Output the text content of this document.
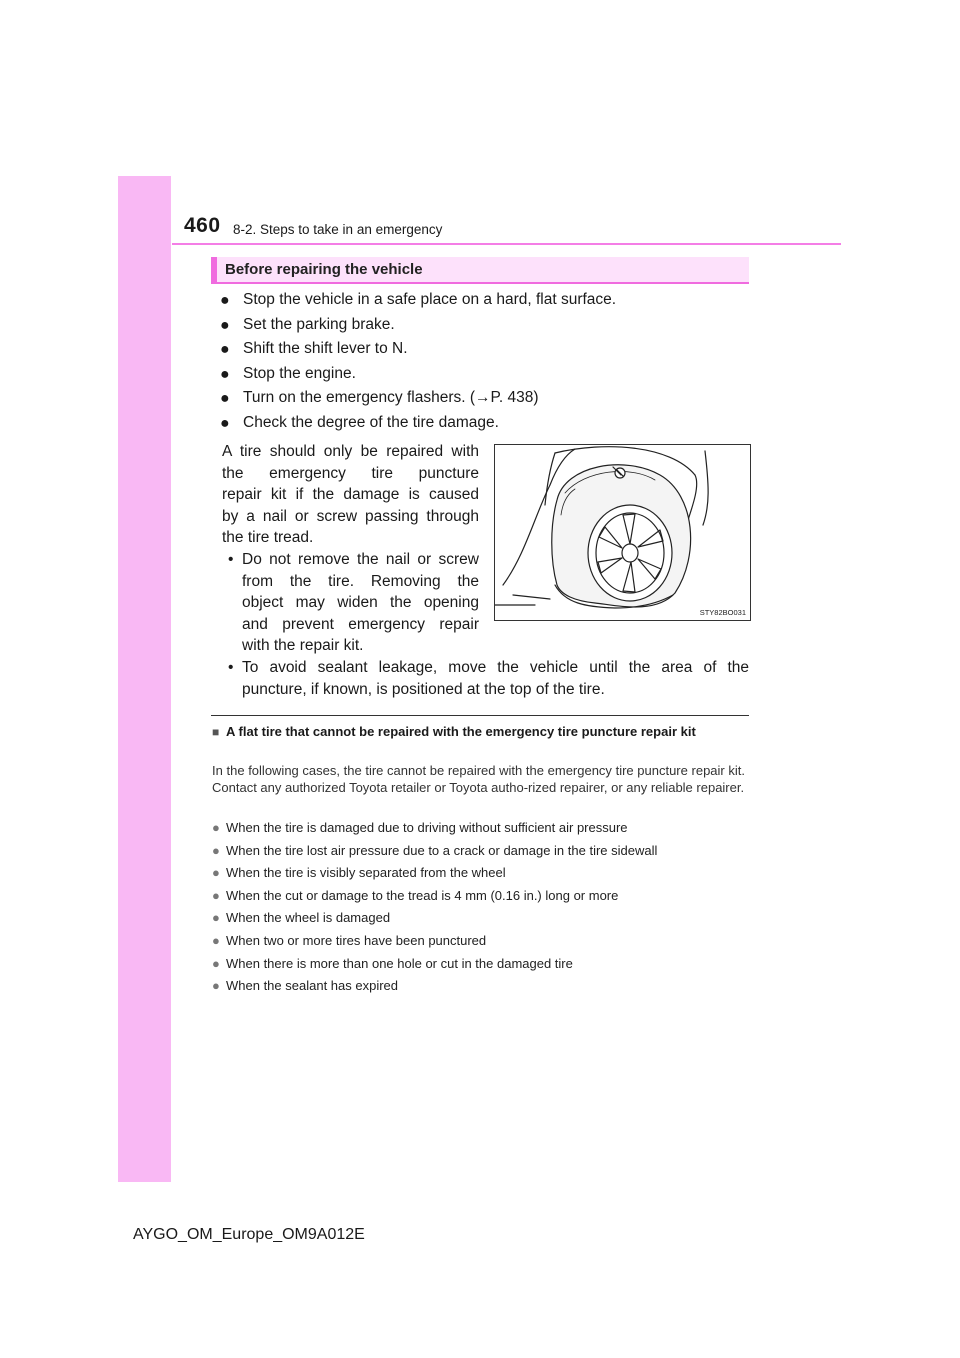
460 8-2. Steps to take in an emergency
Before repairing the vehicle
● Stop the vehicle in a safe place on a hard, flat surface.
● Set the parking brake.
● Shift the shift lever to N.
● Stop the engine.
● Turn on the emergency flashers. (→P. 438)
● Check the degree of the tire damage.
A tire should only be repaired with
the emergency tire puncture
repair kit if the damage is caused
by a nail or screw passing through
the tire tread.
• Do not remove the nail or screw
from the tire. Removing the
object may widen the opening
and prevent emergency repair
with the repair kit.
• To avoid sealant leakage, move the vehicle until the area of the
puncture, if known, is positioned at the top of the tire.
STY82BO031
■ A flat tire that cannot be repaired with the emergency tire puncture repair kit
In the following cases, the tire cannot be repaired with the emergency tire puncture repair kit. Contact any authorized Toyota retailer or Toyota autho-rized repairer, or any reliable repairer.
● When the tire is damaged due to driving without sufficient air pressure
● When the tire lost air pressure due to a crack or damage in the tire sidewall
● When the tire is visibly separated from the wheel
● When the cut or damage to the tread is 4 mm (0.16 in.) long or more
● When the wheel is damaged
● When two or more tires have been punctured
● When there is more than one hole or cut in the damaged tire
● When the sealant has expired
AYGO_OM_Europe_OM9A012E
